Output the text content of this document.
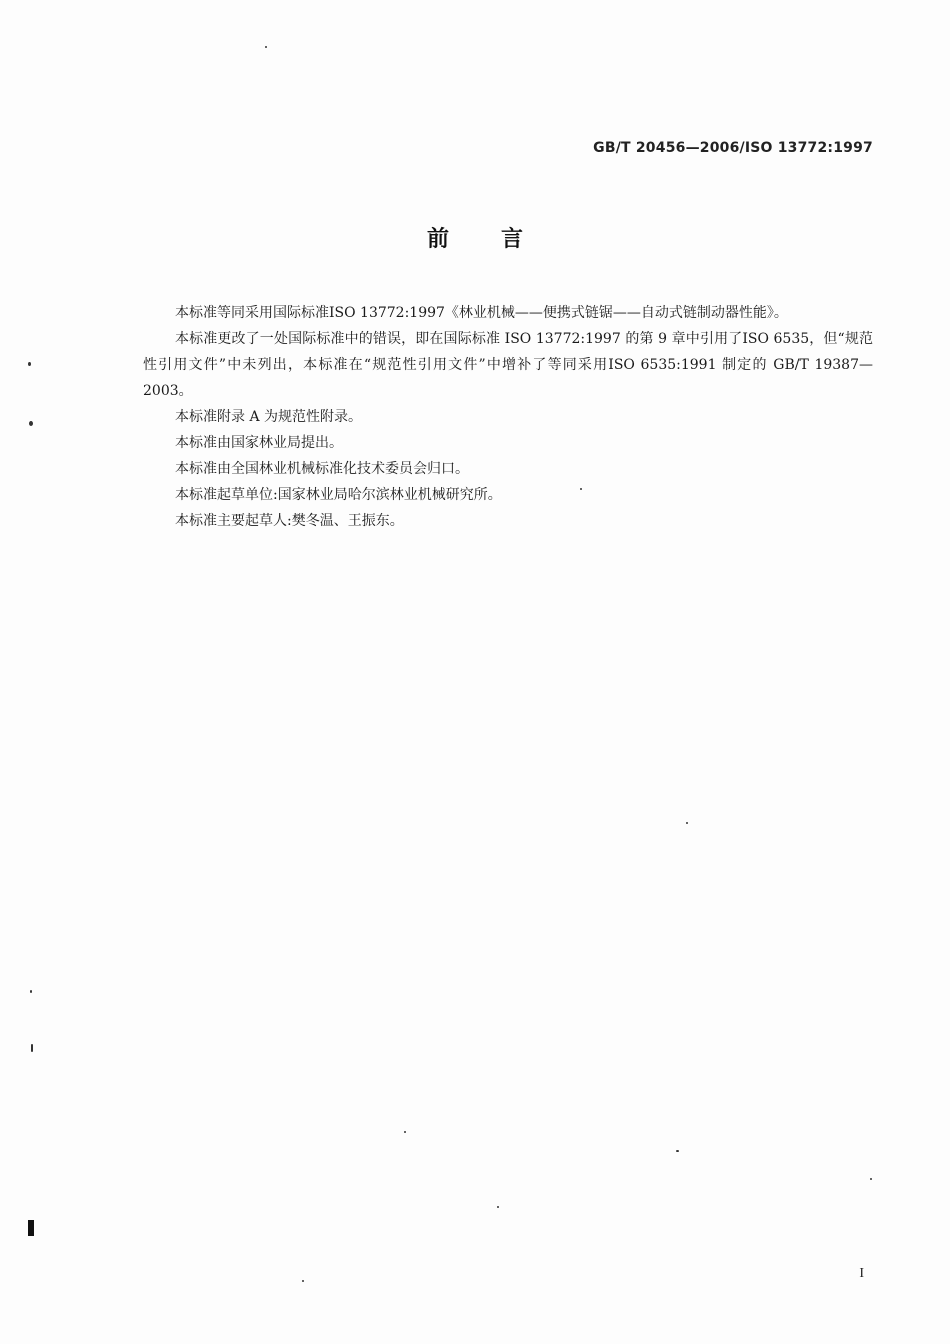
GB/T 20456—2006/ISO 13772:1997
前言

本标准等同采用国际标准ISO 13772:1997《林业机械——便携式链锯——自动式链制动器性能》。

本标准更改了一处国际标准中的错误，即在国际标准 ISO 13772:1997 的第 9 章中引用了ISO 6535，但“规范性引用文件”中未列出，本标准在“规范性引用文件”中增补了等同采用ISO 6535:1991 制定的 GB/T 19387—2003。

本标准附录 A 为规范性附录。

本标准由国家林业局提出。

本标准由全国林业机械标准化技术委员会归口。

本标准起草单位:国家林业局哈尔滨林业机械研究所。

本标准主要起草人:樊冬温、王振东。

I
